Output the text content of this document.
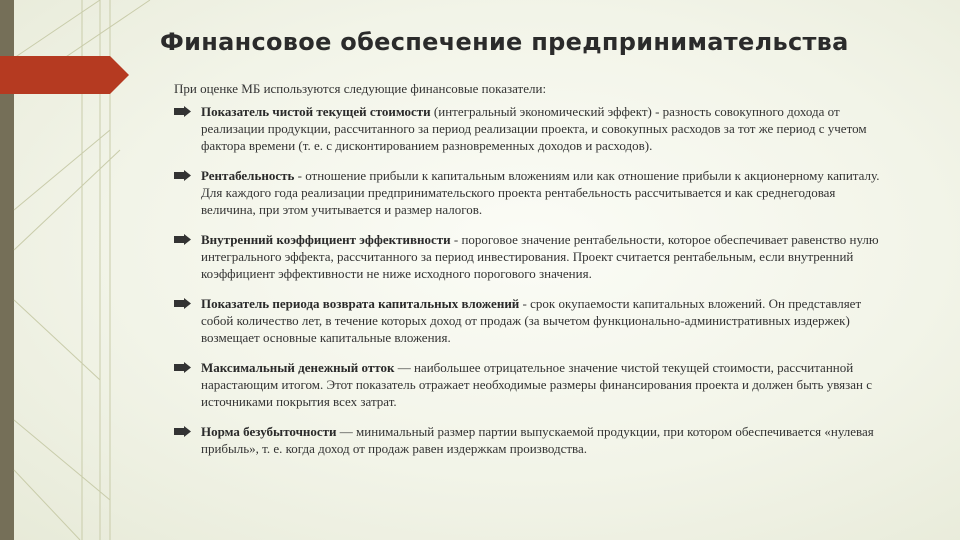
Финансовое обеспечение предпринимательства
При оценке МБ используются следующие финансовые показатели:
Показатель чистой текущей стоимости (интегральный экономический эффект) - разность совокупного дохода от реализации продукции, рассчитанного за период реализации проекта, и совокупных расходов за тот же период с учетом фактора времени (т. е. с дисконтированием разновременных доходов и расходов).
Рентабельность - отношение прибыли к капитальным вложениям или как отношение прибыли к акционерному капиталу. Для каждого года реализации предпринимательского проекта рентабельность рассчитывается и как среднегодовая величина, при этом учитывается и размер налогов.
Внутренний коэффициент эффективности - пороговое значение рентабельности, которое обеспечивает равенство нулю интегрального эффекта, рассчитанного за период инвестирования. Проект считается рентабельным, если внутренний коэффициент эффективности не ниже исходного порогового значения.
Показатель периода возврата капитальных вложений - срок окупаемости капитальных вложений. Он представляет собой количество лет, в течение которых доход от продаж (за вычетом функционально-административных издержек) возмещает основные капитальные вложения.
Максимальный денежный отток — наибольшее отрицательное значение чистой текущей стоимости, рассчитанной нарастающим итогом. Этот показатель отражает необходимые размеры финансирования проекта и должен быть увязан с источниками покрытия всех затрат.
Норма безубыточности — минимальный размер партии выпускаемой продукции, при котором обеспечивается «нулевая прибыль», т. е. когда доход от продаж равен издержкам производства.
